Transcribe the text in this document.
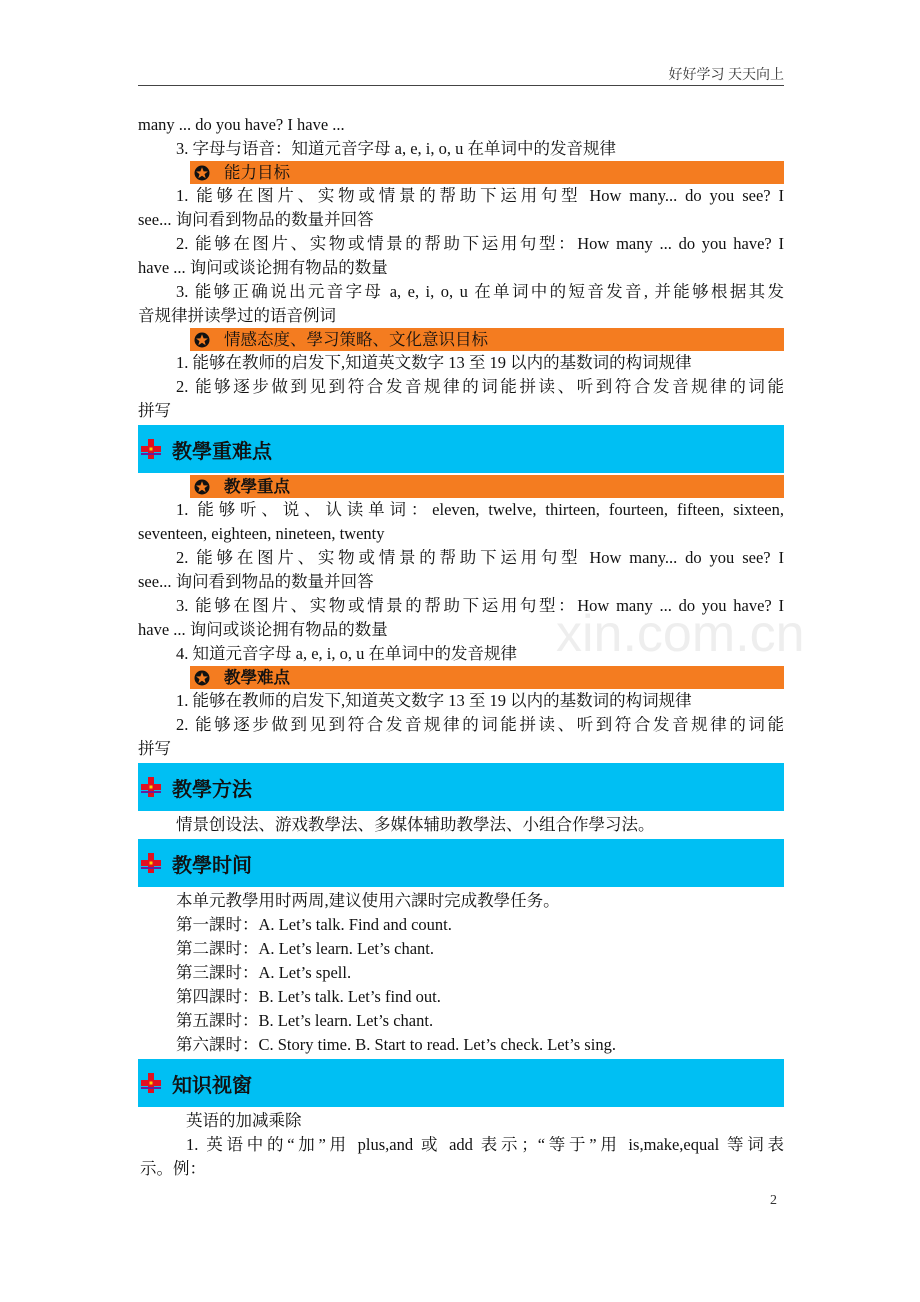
好好学习 天天向上
many ... do you have? I have ...
3. 字母与语音：知道元音字母 a, e, i, o, u 在单词中的发音规律
能力目标
1. 能够在图片、实物或情景的帮助下运用句型 How many... do you see? I
see... 询问看到物品的数量并回答
2. 能够在图片、实物或情景的帮助下运用句型：How many ... do you have? I
have ... 询问或谈论拥有物品的数量
3. 能够正确说出元音字母 a, e, i, o, u 在单词中的短音发音, 并能够根据其发
音规律拼读學过的语音例词
情感态度、學习策略、文化意识目标
1. 能够在教师的启发下,知道英文数字 13 至 19 以内的基数词的构词规律
2. 能够逐步做到见到符合发音规律的词能拼读、听到符合发音规律的词能
拼写
教學重难点
教學重点
1. 能够听、说、认读单词：eleven, twelve, thirteen, fourteen, fifteen, sixteen,
seventeen, eighteen, nineteen, twenty
2. 能够在图片、实物或情景的帮助下运用句型 How many... do you see? I
see... 询问看到物品的数量并回答
3. 能够在图片、实物或情景的帮助下运用句型：How many ... do you have? I
have ... 询问或谈论拥有物品的数量
4. 知道元音字母 a, e, i, o, u 在单词中的发音规律
教學难点
1. 能够在教师的启发下,知道英文数字 13 至 19 以内的基数词的构词规律
2. 能够逐步做到见到符合发音规律的词能拼读、听到符合发音规律的词能
拼写
教學方法
情景创设法、游戏教學法、多媒体辅助教學法、小组合作學习法。
教學时间
本单元教學用时两周,建议使用六課时完成教學任务。
第一課时：A. Let’s talk. Find and count.
第二課时：A. Let’s learn. Let’s chant.
第三課时：A. Let’s spell.
第四課时：B. Let’s talk. Let’s find out.
第五課时：B. Let’s learn. Let’s chant.
第六課时：C. Story time. B. Start to read. Let’s check. Let’s sing.
知识视窗
英语的加减乘除
1. 英语中的“加”用 plus,and 或 add 表示；“等于”用 is,make,equal 等词表
示。例：
xin.com.cn
2
